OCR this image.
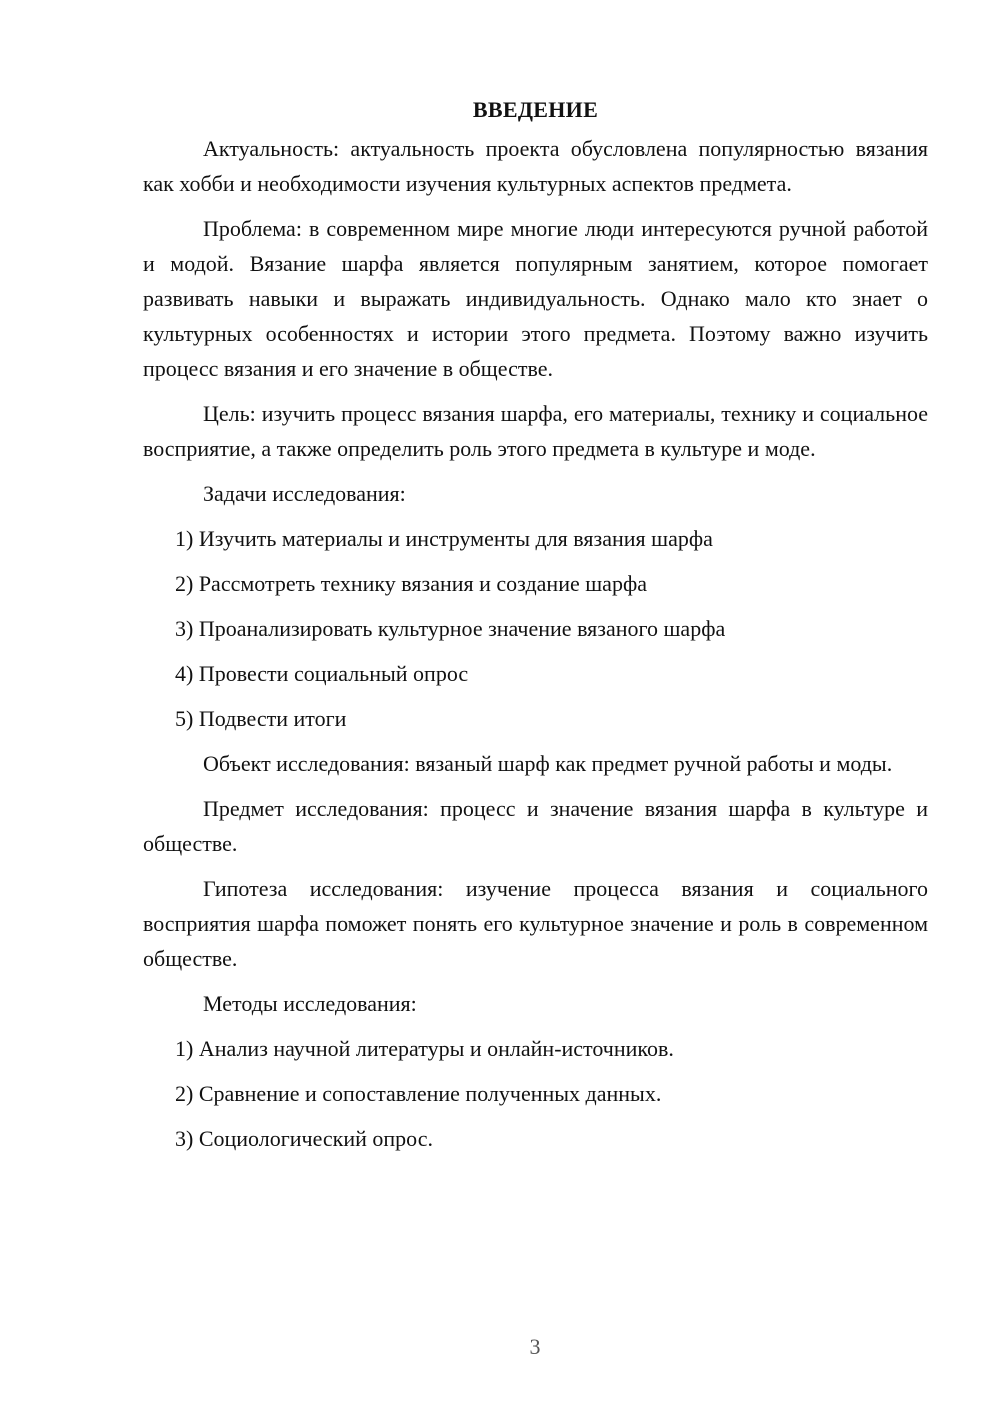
ВВЕДЕНИЕ

Актуальность: актуальность проекта обусловлена популярностью вязания как хобби и необходимости изучения культурных аспектов предмета.

Проблема: в современном мире многие люди интересуются ручной работой и модой. Вязание шарфа является популярным занятием, которое помогает развивать навыки и выражать индивидуальность. Однако мало кто знает о культурных особенностях и истории этого предмета. Поэтому важно изучить процесс вязания и его значение в обществе.

Цель: изучить процесс вязания шарфа, его материалы, технику и социальное восприятие, а также определить роль этого предмета в культуре и моде.

Задачи исследования:
1) Изучить материалы и инструменты для вязания шарфа
2) Рассмотреть технику вязания и создание шарфа
3) Проанализировать культурное значение вязаного шарфа
4) Провести социальный опрос
5) Подвести итоги

Объект исследования: вязаный шарф как предмет ручной работы и моды.

Предмет исследования: процесс и значение вязания шарфа в культуре и обществе.

Гипотеза исследования: изучение процесса вязания и социального восприятия шарфа поможет понять его культурное значение и роль в современном обществе.

Методы исследования:
1) Анализ научной литературы и онлайн-источников.
2) Сравнение и сопоставление полученных данных.
3) Социологический опрос.
3
